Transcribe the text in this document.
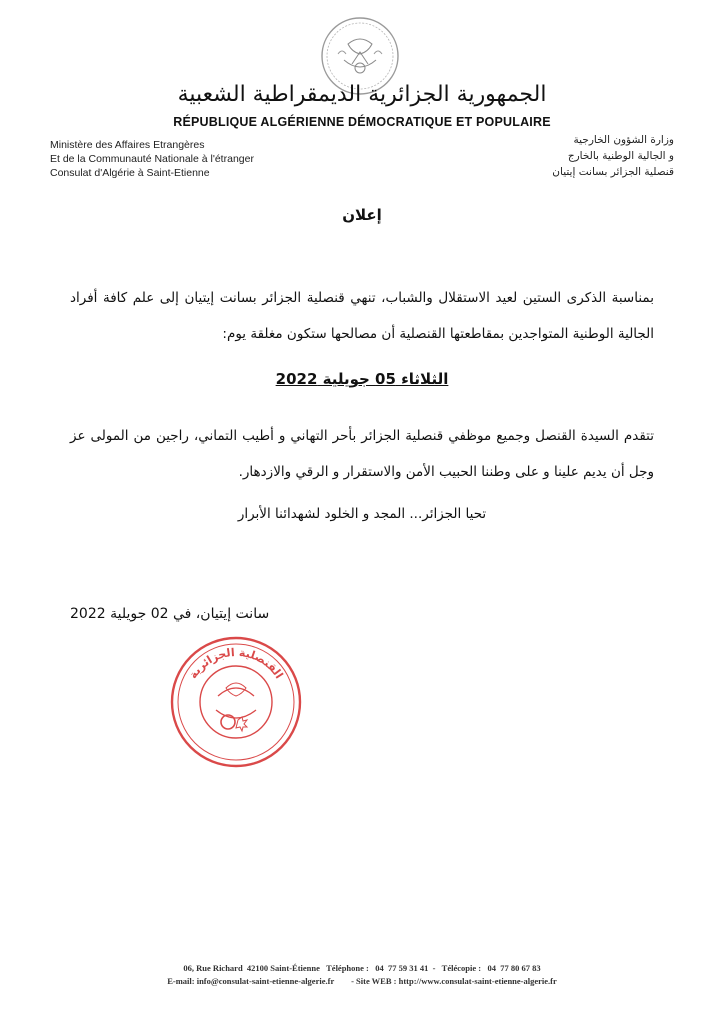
الجمهورية الجزائرية الديمقراطية الشعبية
RÉPUBLIQUE ALGÉRIENNE DÉMOCRATIQUE ET POPULAIRE
Ministère des Affaires Etrangères
Et de la Communauté Nationale à l'étranger
Consulat d'Algérie à Saint-Etienne
وزارة الشؤون الخارجية
و الجالية الوطنية بالخارج
قنصلية الجزائر بسانت إيتيان
إعلان
بمناسبة الذكرى الستين لعيد الاستقلال والشباب، تنهي قنصلية الجزائر بسانت إيتيان إلى علم كافة أفراد الجالية الوطنية المتواجدين بمقاطعتها القنصلية أن مصالحها ستكون مغلقة يوم:
الثلاثاء 05 جويلية 2022
تتقدم السيدة القنصل وجميع موظفي قنصلية الجزائر بأحر التهاني و أطيب التماني، راجين من المولى عز وجل أن يديم علينا و على وطننا الحبيب الأمن والاستقرار و الرقي والازدهار.
تحيا الجزائر... المجد و الخلود لشهدائنا الأبرار
سانت إيتيان، في 02 جويلية 2022
القنصلية الجزائرية
06, Rue Richard  42100 Saint-Étienne   Téléphone :   04  77 59 31 41  -   Télécopie :   04  77 80 67 83
E-mail: info@consulat-saint-etienne-algerie.fr        - Site WEB : http://www.consulat-saint-etienne-algerie.fr
